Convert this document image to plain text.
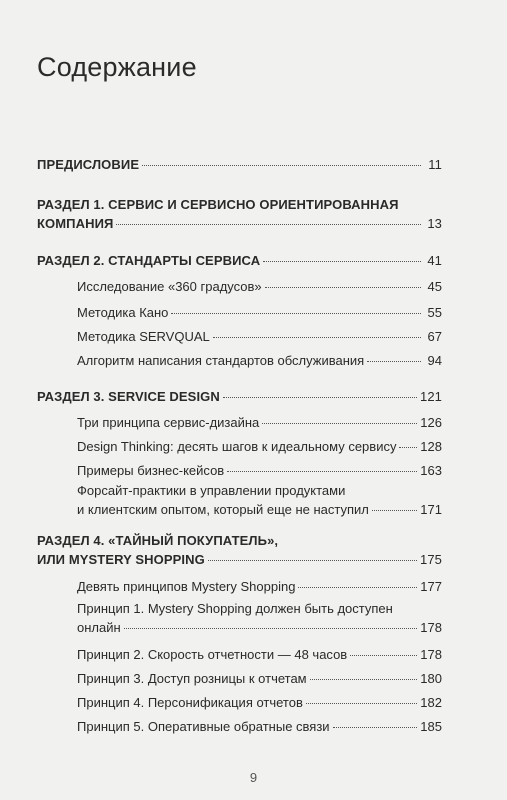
Содержание
ПРЕДИСЛОВИЕ	11
РАЗДЕЛ 1. СЕРВИС И СЕРВИСНО ОРИЕНТИРОВАННАЯ
КОМПАНИЯ	13
РАЗДЕЛ 2. СТАНДАРТЫ СЕРВИСА	41
Исследование «360 градусов»	45
Методика Кано	55
Методика SERVQUAL	67
Алгоритм написания стандартов обслуживания	94
РАЗДЕЛ 3. SERVICE DESIGN	121
Три принципа сервис-дизайна	126
Design Thinking: десять шагов к идеальному сервису 128
Примеры бизнес-кейсов	163
Форсайт-практики в управлении продуктами
и клиентским опытом, который еще не наступил	171
РАЗДЕЛ 4. «ТАЙНЫЙ ПОКУПАТЕЛЬ»,
ИЛИ MYSTERY SHOPPING	175
Девять принципов Mystery Shopping	177
Принцип 1. Mystery Shopping должен быть доступен
онлайн	178
Принцип 2. Скорость отчетности — 48 часов	178
Принцип 3. Доступ розницы к отчетам	180
Принцип 4. Персонификация отчетов	182
Принцип 5. Оперативные обратные связи	185
9
